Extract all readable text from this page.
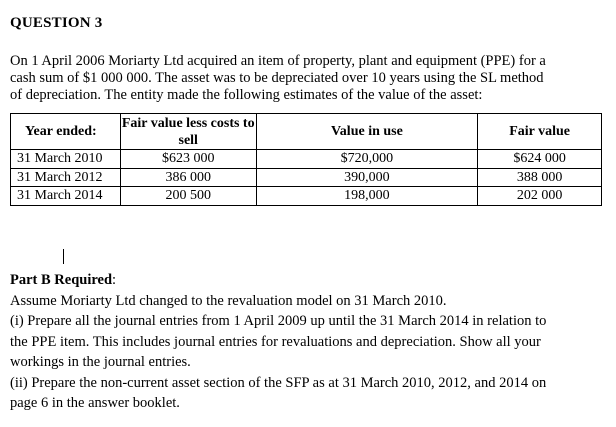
QUESTION 3
On 1 April 2006 Moriarty Ltd acquired an item of property, plant and equipment (PPE) for a
cash sum of $1 000 000. The asset was to be depreciated over 10 years using the SL method
of depreciation. The entity made the following estimates of the value of the asset:
Year ended:	Fair value less costs to sell	Value in use	Fair value
31 March 2010	$623 000	$720,000	$624 000
31 March 2012	386 000	390,000	388 000
31 March 2014	200 500	198,000	202 000
Part B Required:
Assume Moriarty Ltd changed to the revaluation model on 31 March 2010.
(i) Prepare all the journal entries from 1 April 2009 up until the 31 March 2014 in relation to
the PPE item. This includes journal entries for revaluations and depreciation. Show all your
workings in the journal entries.
(ii) Prepare the non-current asset section of the SFP as at 31 March 2010, 2012, and 2014 on
page 6 in the answer booklet.
